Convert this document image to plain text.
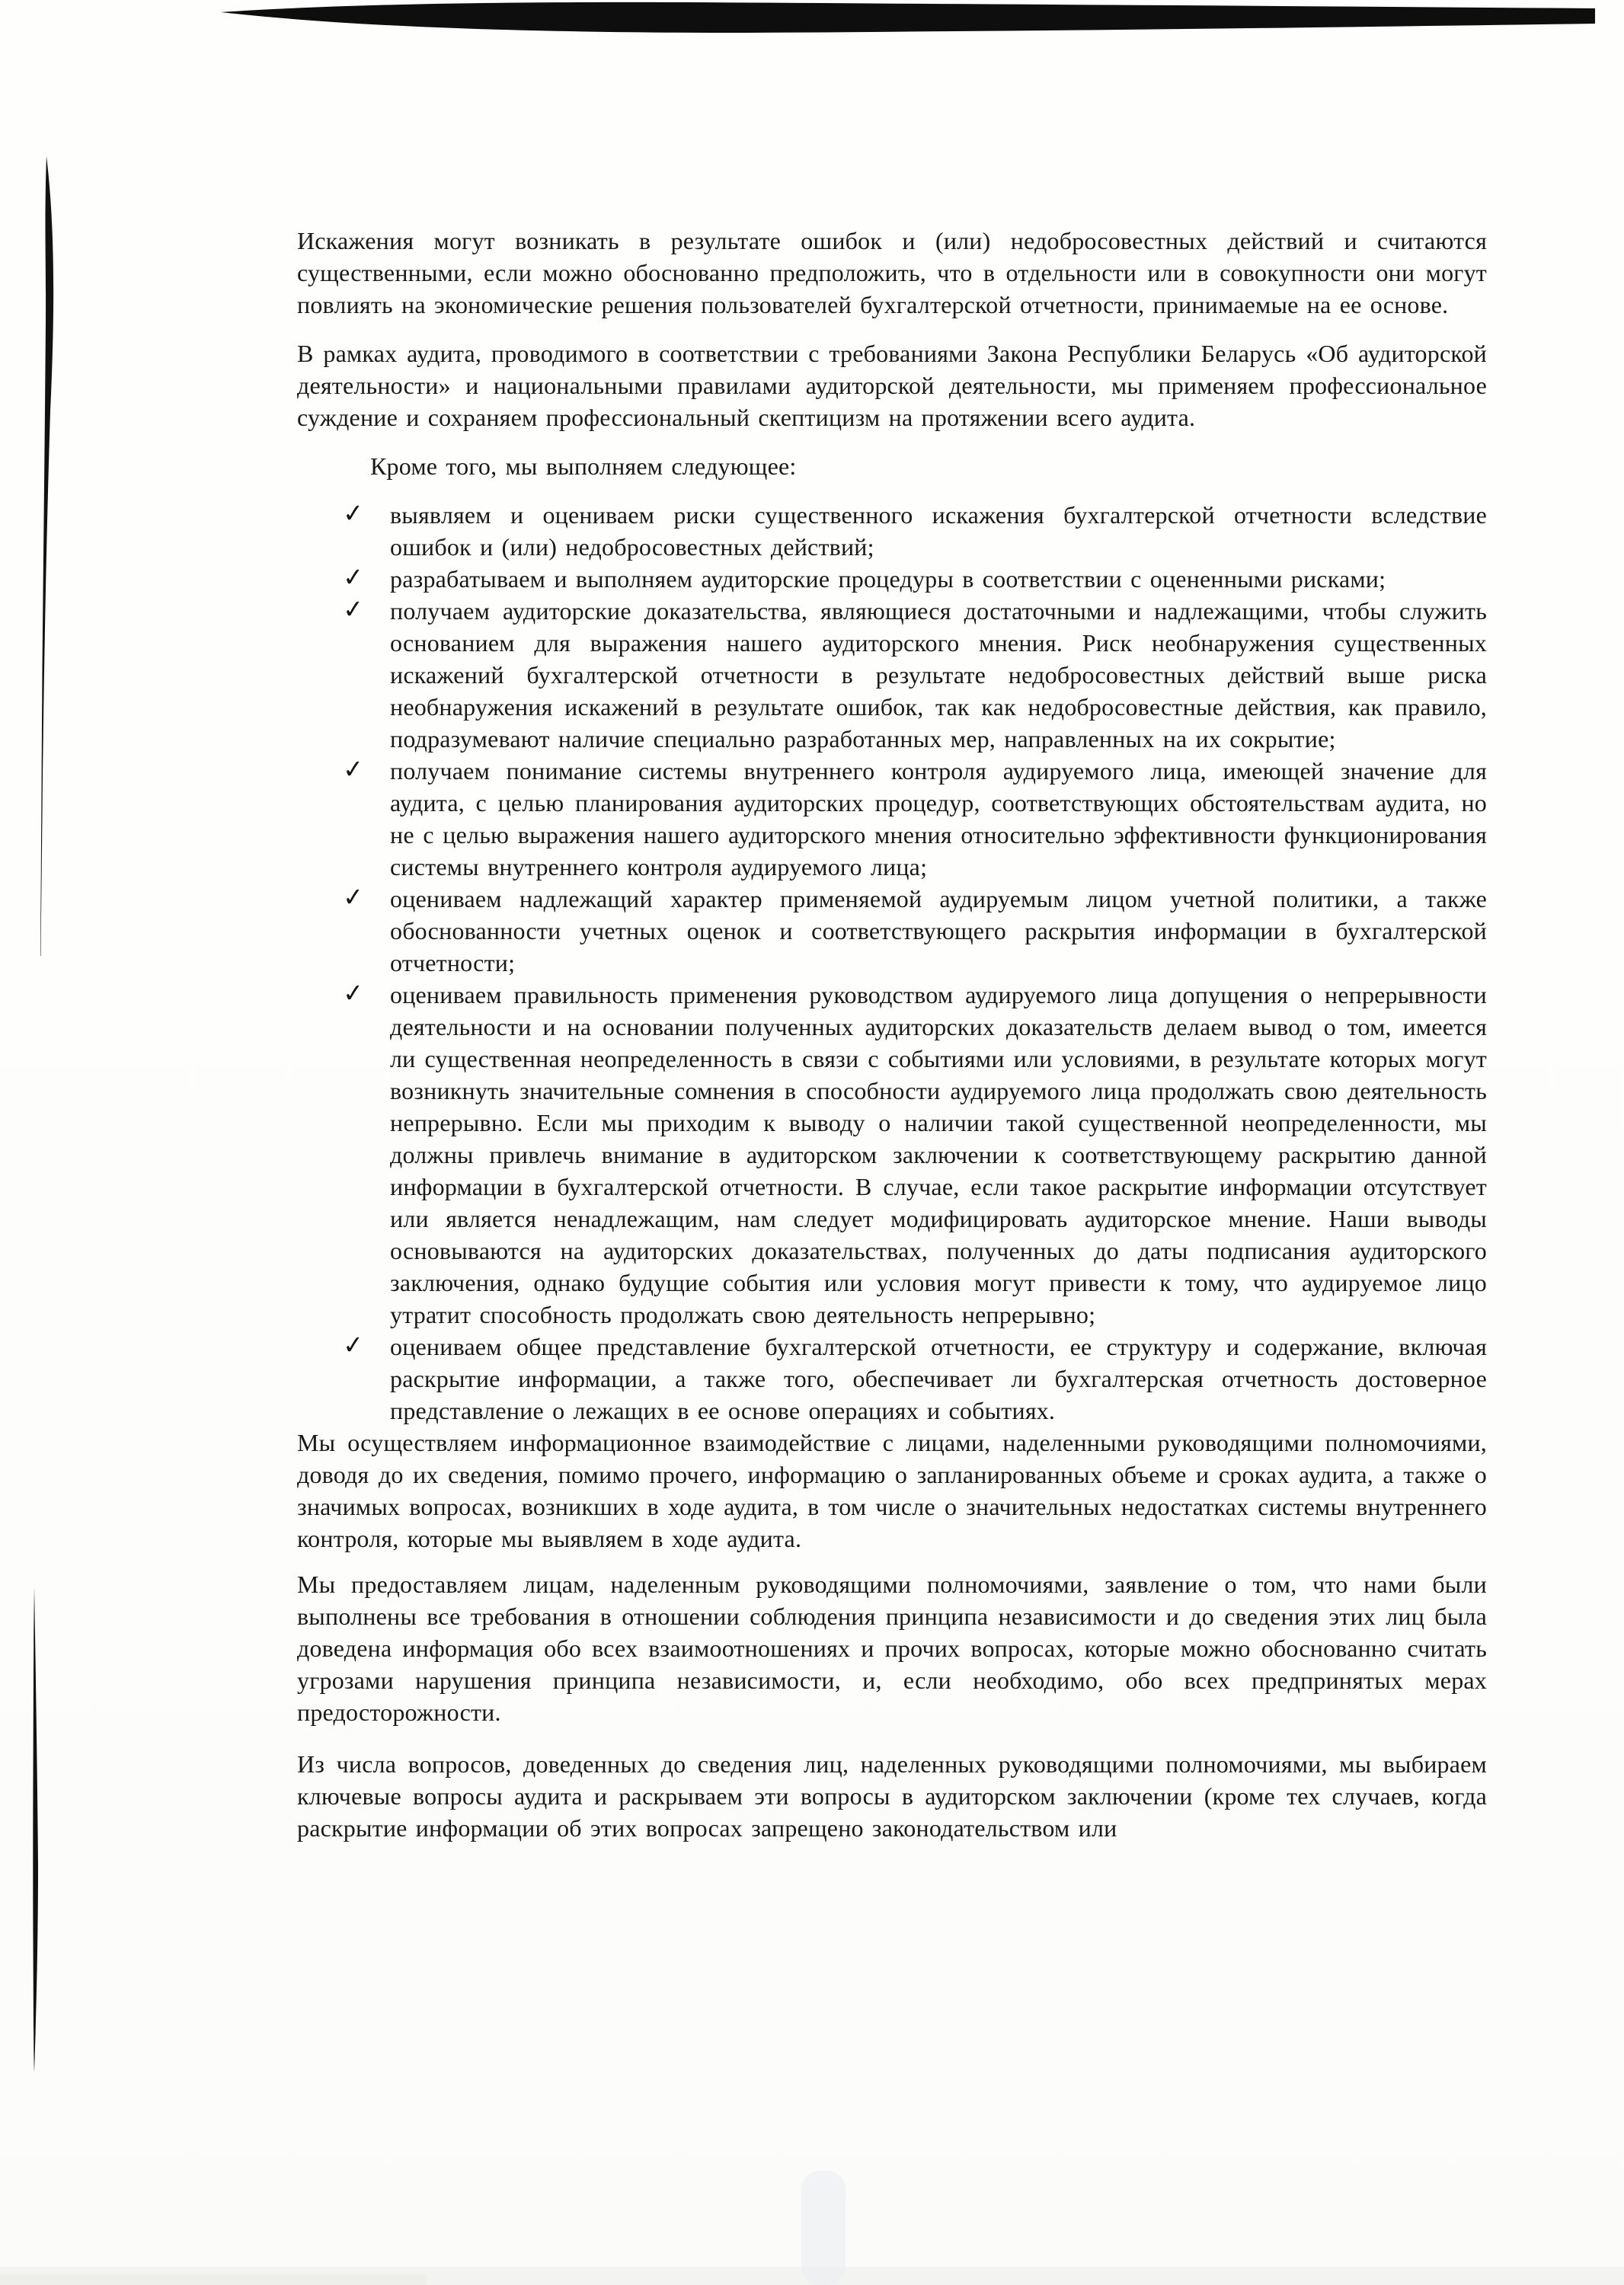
Искажения могут возникать в результате ошибок и (или) недобросовестных действий и считаются существенными, если можно обоснованно предположить, что в отдельности или в совокупности они могут повлиять на экономические решения пользователей бухгалтерской отчетности, принимаемые на ее основе.

В рамках аудита, проводимого в соответствии с требованиями Закона Республики Беларусь «Об аудиторской деятельности» и национальными правилами аудиторской деятельности, мы применяем профессиональное суждение и сохраняем профессиональный скептицизм на протяжении всего аудита.

Кроме того, мы выполняем следующее:

✓ выявляем и оцениваем риски существенного искажения бухгалтерской отчетности вследствие ошибок и (или) недобросовестных действий;
✓ разрабатываем и выполняем аудиторские процедуры в соответствии с оцененными рисками;
✓ получаем аудиторские доказательства, являющиеся достаточными и надлежащими, чтобы служить основанием для выражения нашего аудиторского мнения. Риск необнаружения существенных искажений бухгалтерской отчетности в результате недобросовестных действий выше риска необнаружения искажений в результате ошибок, так как недобросовестные действия, как правило, подразумевают наличие специально разработанных мер, направленных на их сокрытие;
✓ получаем понимание системы внутреннего контроля аудируемого лица, имеющей значение для аудита, с целью планирования аудиторских процедур, соответствующих обстоятельствам аудита, но не с целью выражения нашего аудиторского мнения относительно эффективности функционирования системы внутреннего контроля аудируемого лица;
✓ оцениваем надлежащий характер применяемой аудируемым лицом учетной политики, а также обоснованности учетных оценок и соответствующего раскрытия информации в бухгалтерской отчетности;
✓ оцениваем правильность применения руководством аудируемого лица допущения о непрерывности деятельности и на основании полученных аудиторских доказательств делаем вывод о том, имеется ли существенная неопределенность в связи с событиями или условиями, в результате которых могут возникнуть значительные сомнения в способности аудируемого лица продолжать свою деятельность непрерывно. Если мы приходим к выводу о наличии такой существенной неопределенности, мы должны привлечь внимание в аудиторском заключении к соответствующему раскрытию данной информации в бухгалтерской отчетности. В случае, если такое раскрытие информации отсутствует или является ненадлежащим, нам следует модифицировать аудиторское мнение. Наши выводы основываются на аудиторских доказательствах, полученных до даты подписания аудиторского заключения, однако будущие события или условия могут привести к тому, что аудируемое лицо утратит способность продолжать свою деятельность непрерывно;
✓ оцениваем общее представление бухгалтерской отчетности, ее структуру и содержание, включая раскрытие информации, а также того, обеспечивает ли бухгалтерская отчетность достоверное представление о лежащих в ее основе операциях и событиях.

Мы осуществляем информационное взаимодействие с лицами, наделенными руководящими полномочиями, доводя до их сведения, помимо прочего, информацию о запланированных объеме и сроках аудита, а также о значимых вопросах, возникших в ходе аудита, в том числе о значительных недостатках системы внутреннего контроля, которые мы выявляем в ходе аудита.

Мы предоставляем лицам, наделенным руководящими полномочиями, заявление о том, что нами были выполнены все требования в отношении соблюдения принципа независимости и до сведения этих лиц была доведена информация обо всех взаимоотношениях и прочих вопросах, которые можно обоснованно считать угрозами нарушения принципа независимости, и, если необходимо, обо всех предпринятых мерах предосторожности.

Из числа вопросов, доведенных до сведения лиц, наделенных руководящими полномочиями, мы выбираем ключевые вопросы аудита и раскрываем эти вопросы в аудиторском заключении (кроме тех случаев, когда раскрытие информации об этих вопросах запрещено законодательством или
